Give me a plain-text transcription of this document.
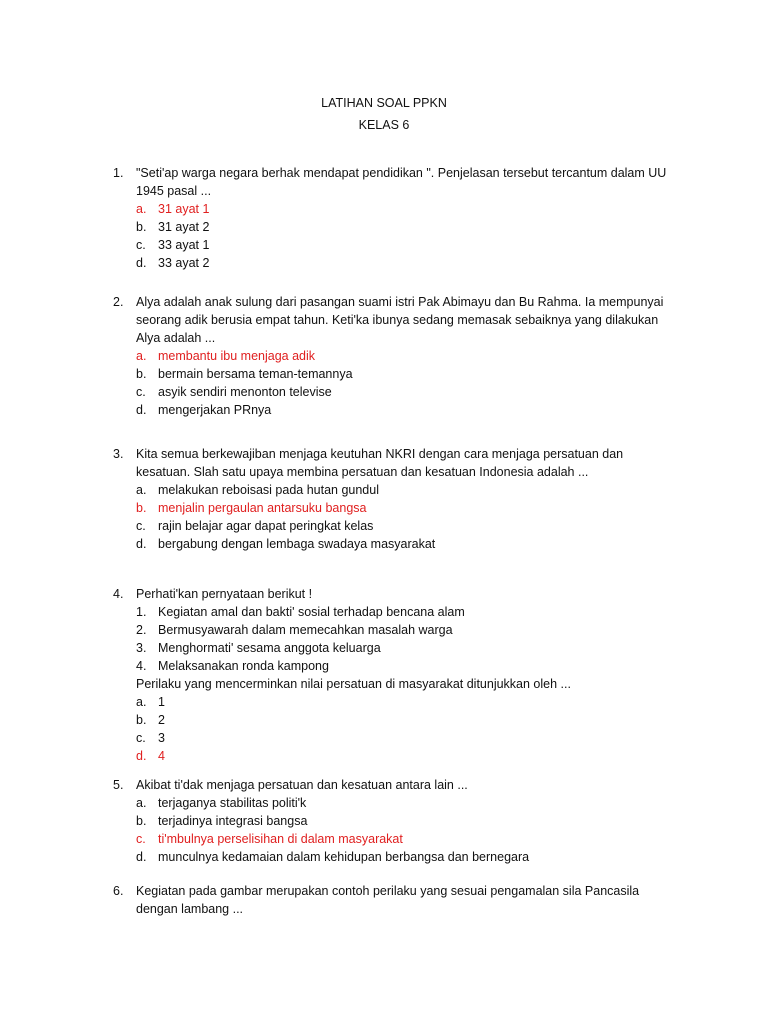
LATIHAN SOAL PPKN
KELAS 6
1. "Seti'ap warga negara berhak mendapat pendidikan ". Penjelasan tersebut tercantum dalam UU
1945 pasal ...
a. 31 ayat 1
b. 31 ayat 2
c. 33 ayat 1
d. 33 ayat 2
2. Alya adalah anak sulung dari pasangan suami istri Pak Abimayu dan Bu Rahma. Ia mempunyai
seorang adik berusia empat tahun. Keti'ka ibunya sedang memasak sebaiknya yang dilakukan
Alya adalah ...
a. membantu ibu menjaga adik
b. bermain bersama teman-temannya
c. asyik sendiri menonton televise
d. mengerjakan PRnya
3. Kita semua berkewajiban menjaga keutuhan NKRI dengan cara menjaga persatuan dan
kesatuan. Slah satu upaya membina persatuan dan kesatuan Indonesia adalah ...
a. melakukan reboisasi pada hutan gundul
b. menjalin pergaulan antarsuku bangsa
c. rajin belajar agar dapat peringkat kelas
d. bergabung dengan lembaga swadaya masyarakat
4. Perhati'kan pernyataan berikut !
1. Kegiatan amal dan bakti' sosial terhadap bencana alam
2. Bermusyawarah dalam memecahkan masalah warga
3. Menghormati' sesama anggota keluarga
4. Melaksanakan ronda kampong
Perilaku yang mencerminkan nilai persatuan di masyarakat ditunjukkan oleh ...
a. 1
b. 2
c. 3
d. 4
5. Akibat ti'dak menjaga persatuan dan kesatuan antara lain ...
a. terjaganya stabilitas politi'k
b. terjadinya integrasi bangsa
c. ti'mbulnya perselisihan di dalam masyarakat
d. munculnya kedamaian dalam kehidupan berbangsa dan bernegara
6. Kegiatan pada gambar merupakan contoh perilaku yang sesuai pengamalan sila Pancasila
dengan lambang ...
